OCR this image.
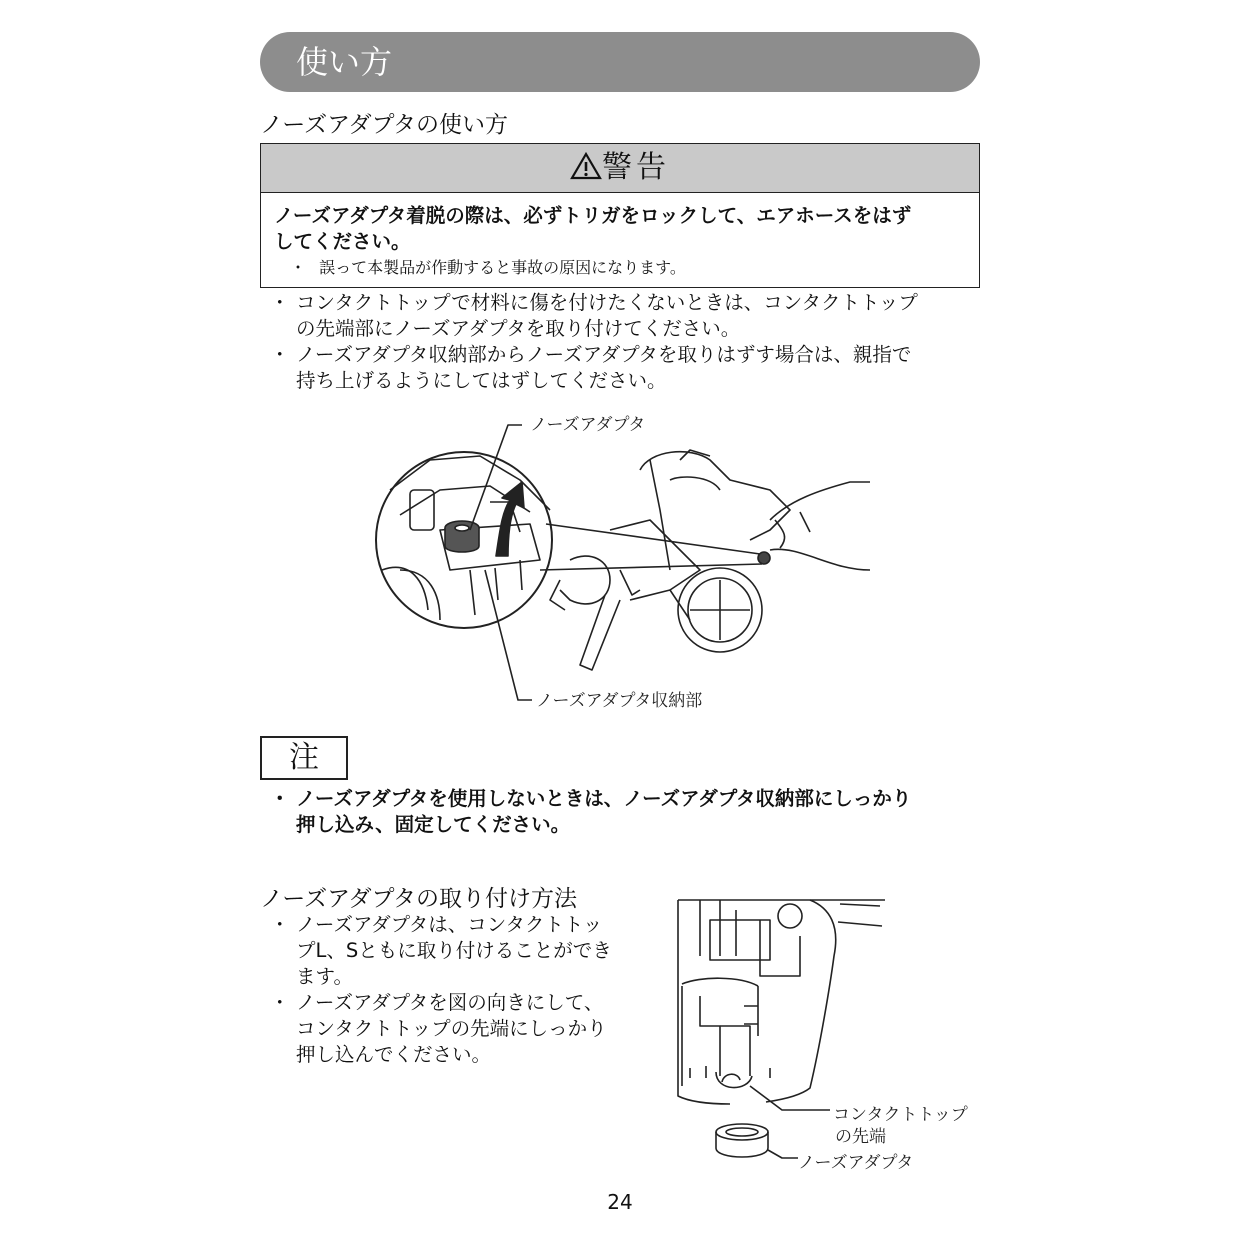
使い方
ノーズアダプタの使い方
警告
ノーズアダプタ着脱の際は、必ずトリガをロックして、エアホースをはず
してください。
・ 誤って本製品が作動すると事故の原因になります。
・ コンタクトトップで材料に傷を付けたくないときは、コンタクトトップ
の先端部にノーズアダプタを取り付けてください。
・ ノーズアダプタ収納部からノーズアダプタを取りはずす場合は、親指で
持ち上げるようにしてはずしてください。
ノーズアダプタ
ノーズアダプタ収納部
注
・ ノーズアダプタを使用しないときは、ノーズアダプタ収納部にしっかり
押し込み、固定してください。
ノーズアダプタの取り付け方法
・ ノーズアダプタは、コンタクトトッ
プL、Sともに取り付けることができ
ます。
・ ノーズアダプタを図の向きにして、
コンタクトトップの先端にしっかり
押し込んでください。
コンタクトトップ
の先端
ノーズアダプタ
24
